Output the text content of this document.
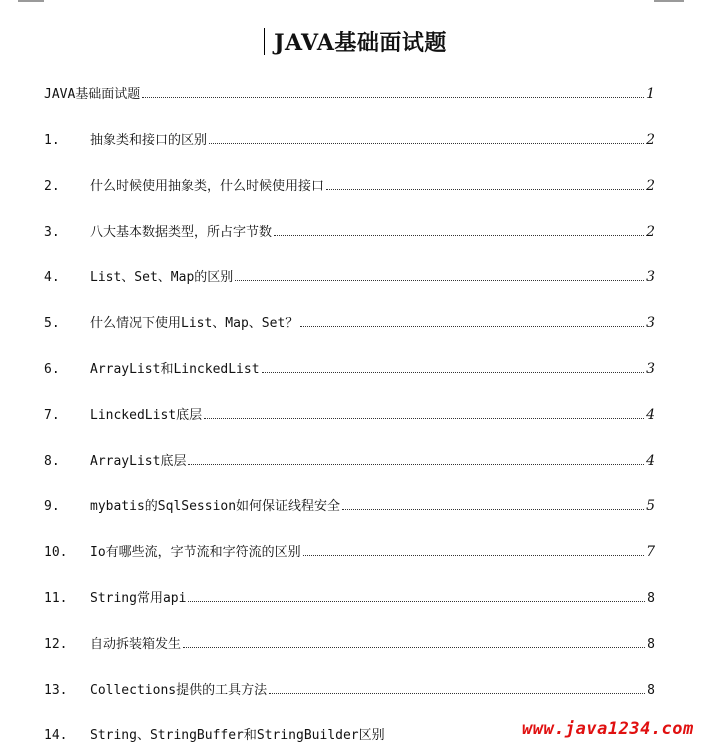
JAVA基础面试题
JAVA基础面试题	1
1.	抽象类和接口的区别	2
2.	什么时候使用抽象类，什么时候使用接口	2
3.	八大基本数据类型，所占字节数	2
4.	List、Set、Map的区别	3
5.	什么情况下使用List、Map、Set？	3
6.	ArrayList和LinckedList	3
7.	LinckedList底层	4
8.	ArrayList底层	4
9.	mybatis的SqlSession如何保证线程安全	5
10.	Io有哪些流，字节流和字符流的区别	7
11.	String常用api	8
12.	自动拆装箱发生	8
13.	Collections提供的工具方法	8
14.	String、StringBuffer和StringBuilder区别	www.java1234.com
